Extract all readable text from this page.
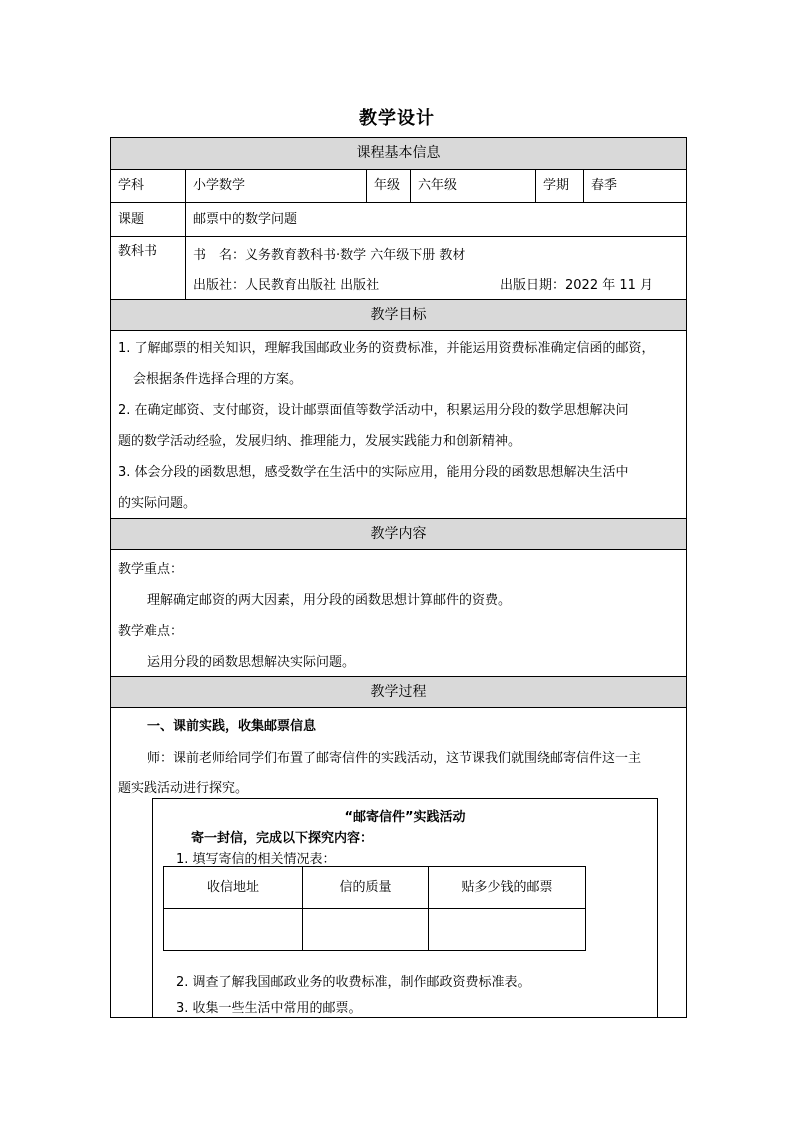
教学设计
课程基本信息
学科	小学数学	年级	六年级	学期	春季
课题	邮票中的数学问题
教科书	书　名：义务教育教科书·数学 六年级下册 教材
出版社：人民教育出版社 出版社	出版日期：2022 年 11 月
教学目标
1. 了解邮票的相关知识，理解我国邮政业务的资费标准，并能运用资费标准确定信函的邮资，
会根据条件选择合理的方案。
2. 在确定邮资、支付邮资，设计邮票面值等数学活动中，积累运用分段的数学思想解决问
题的数学活动经验，发展归纳、推理能力，发展实践能力和创新精神。
3. 体会分段的函数思想，感受数学在生活中的实际应用，能用分段的函数思想解决生活中
的实际问题。
教学内容
教学重点：
理解确定邮资的两大因素，用分段的函数思想计算邮件的资费。
教学难点：
运用分段的函数思想解决实际问题。
教学过程
一、课前实践，收集邮票信息
师：课前老师给同学们布置了邮寄信件的实践活动，这节课我们就围绕邮寄信件这一主
题实践活动进行探究。
“邮寄信件”实践活动
寄一封信，完成以下探究内容：
1. 填写寄信的相关情况表：
收信地址	信的质量	贴多少钱的邮票
2. 调查了解我国邮政业务的收费标准，制作邮政资费标准表。
3. 收集一些生活中常用的邮票。
